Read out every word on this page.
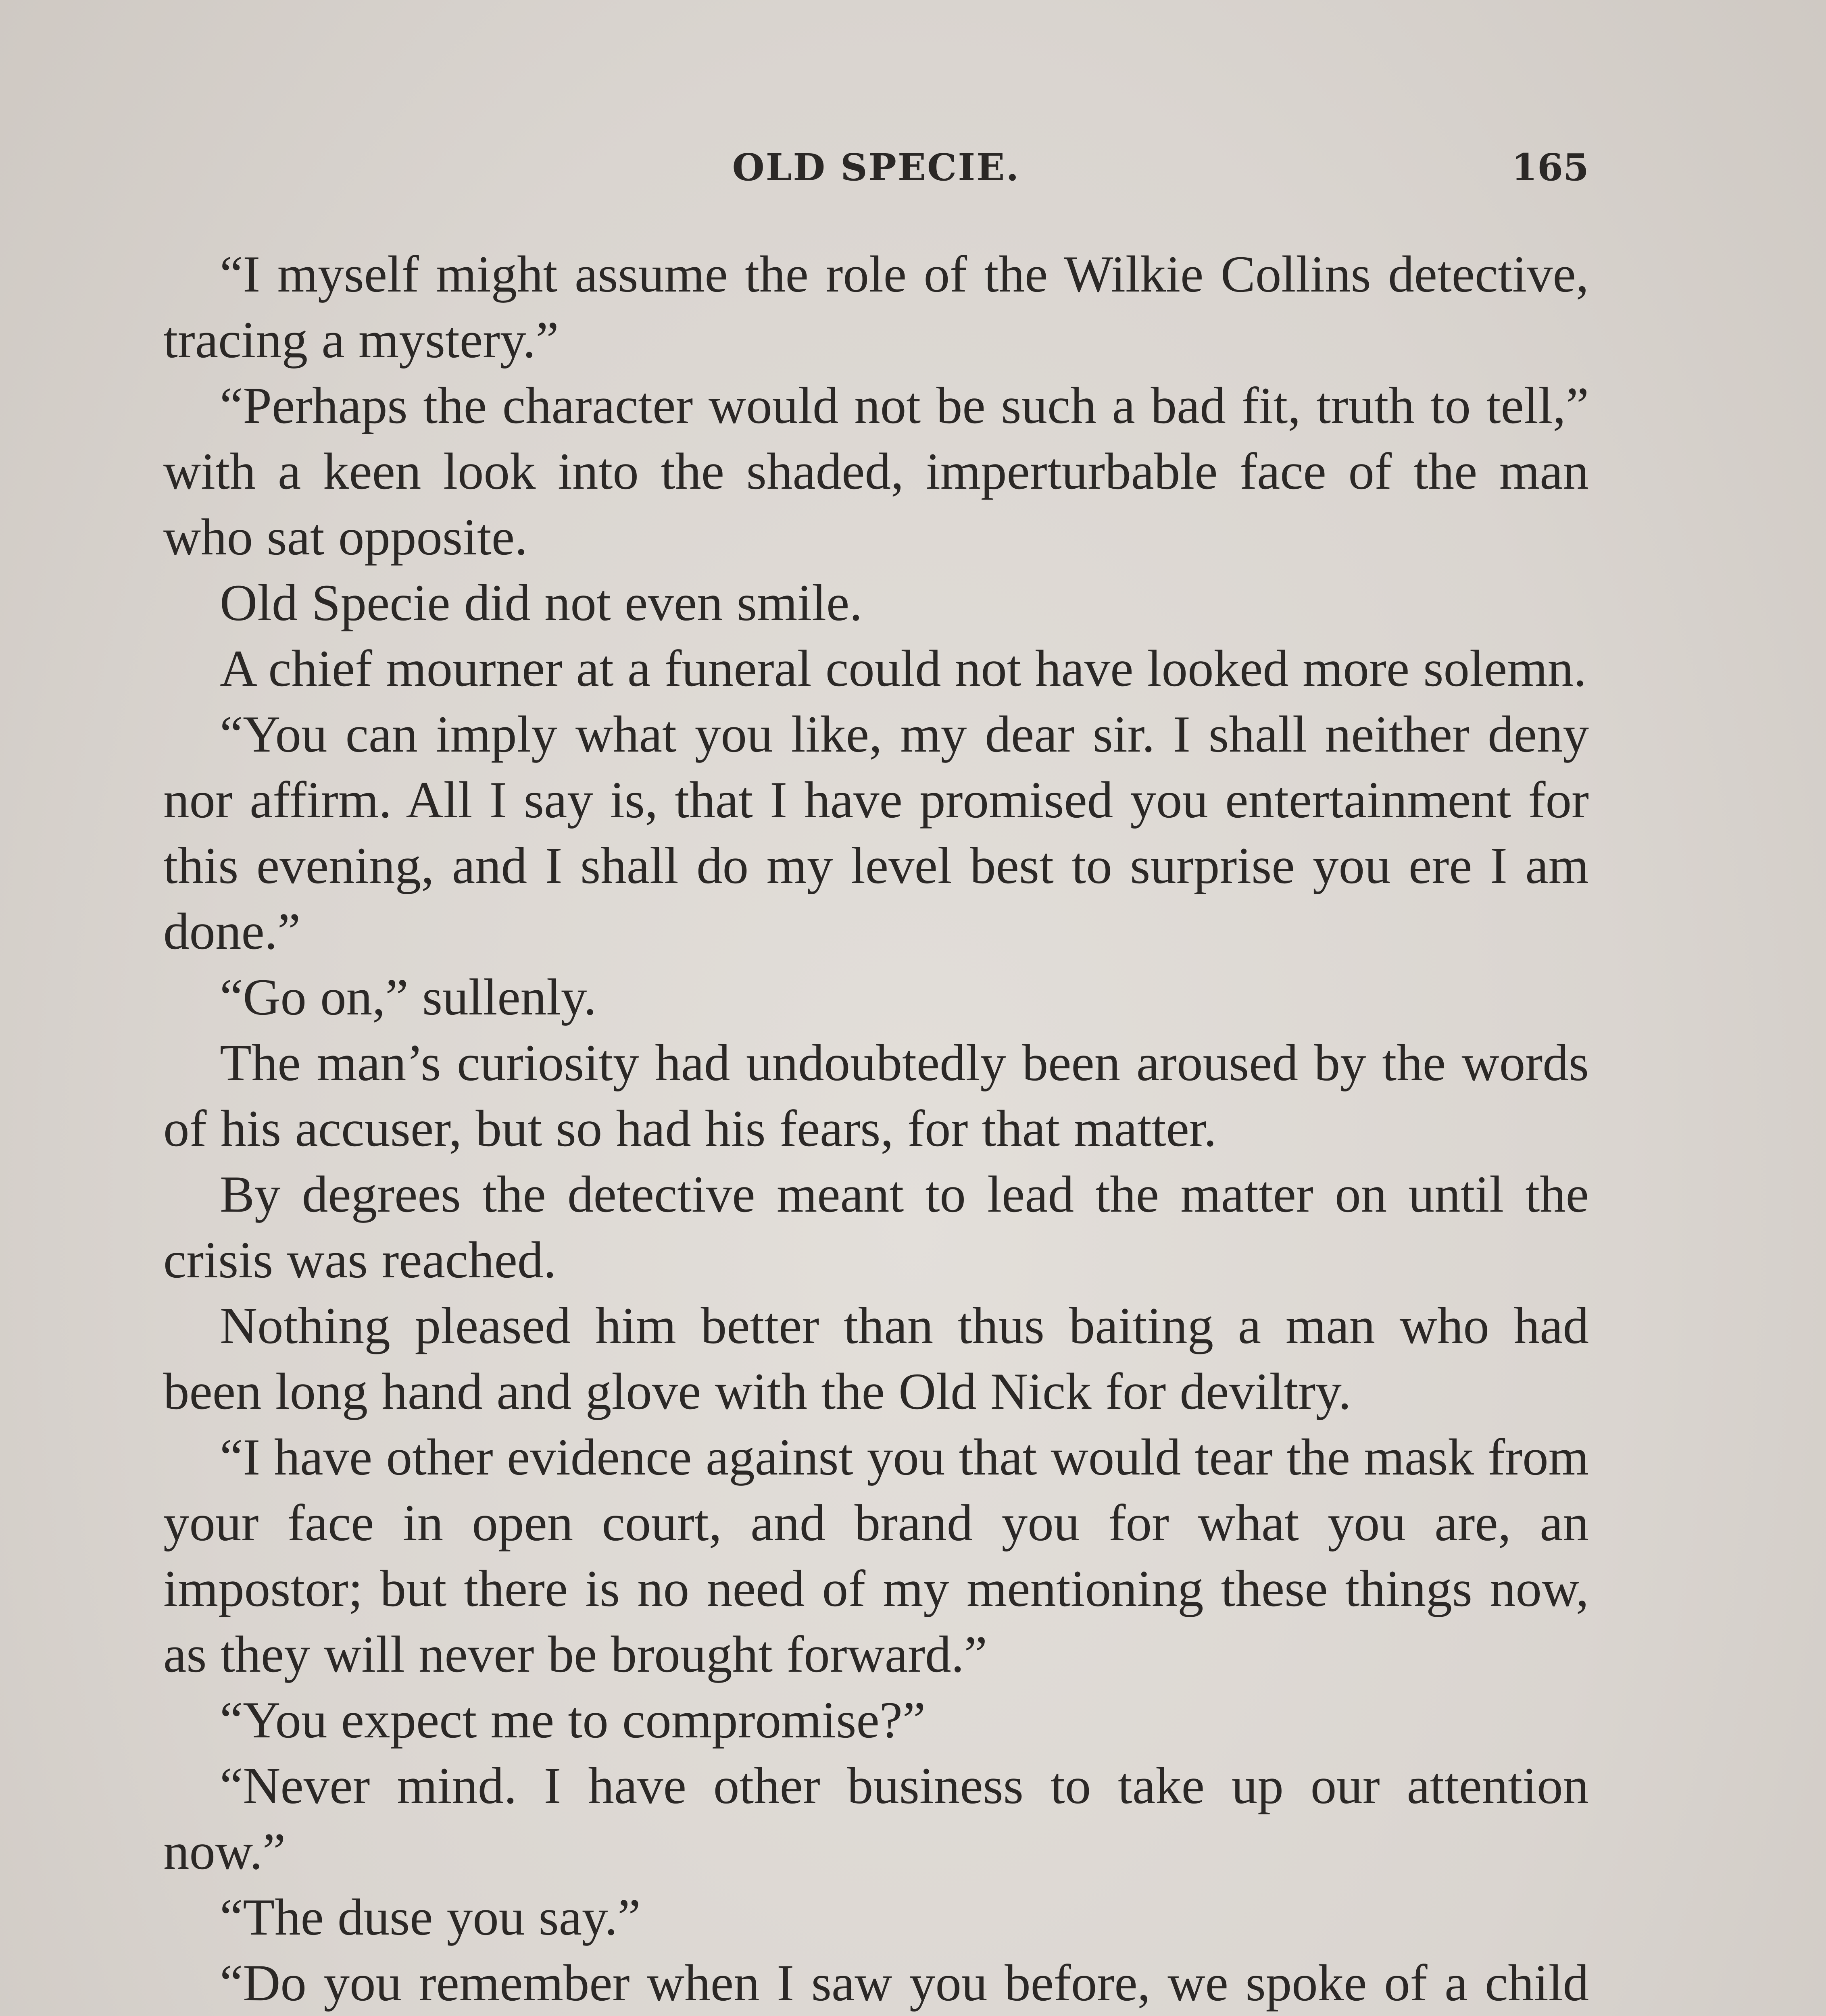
OLD SPECIE.	165

“I myself might assume the role of the Wilkie Collins detective, tracing a mystery.”

“Perhaps the character would not be such a bad fit, truth to tell,” with a keen look into the shaded, imperturbable face of the man who sat opposite.

Old Specie did not even smile.

A chief mourner at a funeral could not have looked more solemn.

“You can imply what you like, my dear sir. I shall neither deny nor affirm. All I say is, that I have promised you entertainment for this evening, and I shall do my level best to surprise you ere I am done.”

“Go on,” sullenly.

The man’s curiosity had undoubtedly been aroused by the words of his accuser, but so had his fears, for that matter.

By degrees the detective meant to lead the matter on until the crisis was reached.

Nothing pleased him better than thus baiting a man who had been long hand and glove with the Old Nick for deviltry.

“I have other evidence against you that would tear the mask from your face in open court, and brand you for what you are, an impostor; but there is no need of my mentioning these things now, as they will never be brought forward.”

“You expect me to compromise?”

“Never mind. I have other business to take up our attention now.”

“The duse you say.”

“Do you remember when I saw you before, we spoke of a child
